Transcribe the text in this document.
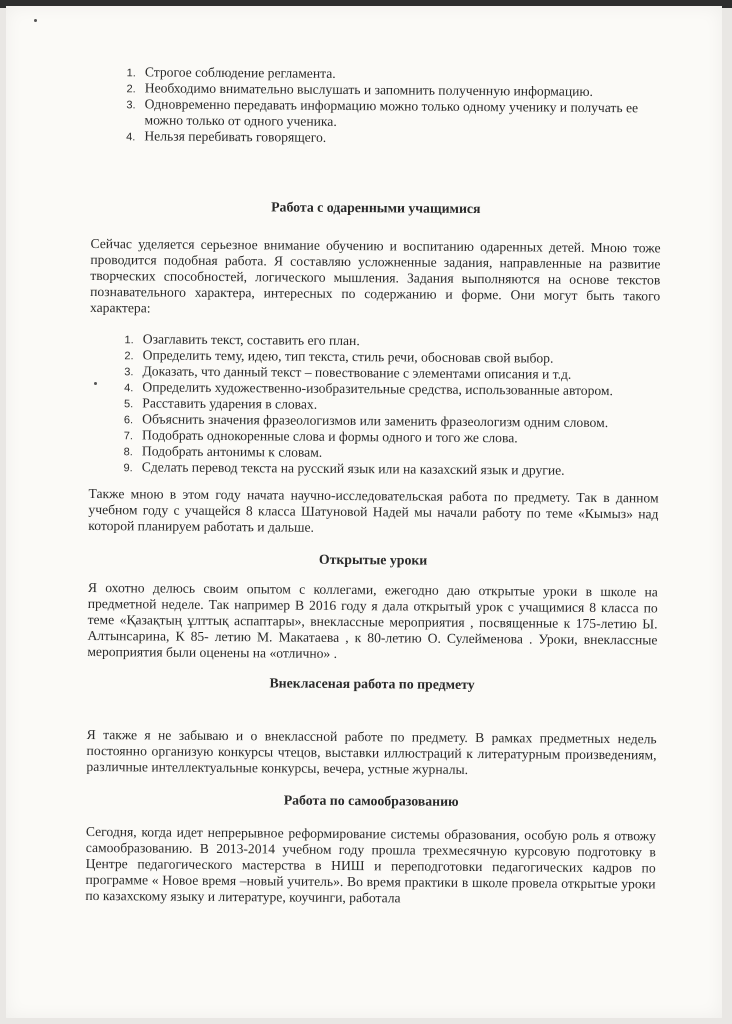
1. Строгое соблюдение регламента.
2. Необходимо внимательно выслушать и запомнить полученную информацию.
3. Одновременно передавать информацию можно только одному ученику и получать ее можно только от одного ученика.
4. Нельзя перебивать говорящего.
Работа с одаренными учащимися

Сейчас уделяется серьезное внимание обучению и воспитанию одаренных детей. Мною тоже проводится подобная работа. Я составляю усложненные задания, направленные на развитие творческих способностей, логического мышления. Задания выполняются на основе текстов познавательного характера, интересных по содержанию и форме. Они могут быть такого характера:

1. Озаглавить текст, составить его план.
2. Определить тему, идею, тип текста, стиль речи, обосновав свой выбор.
3. Доказать, что данный текст – повествование с элементами описания и т.д.
4. Определить художественно-изобразительные средства, использованные автором.
5. Расставить ударения в словах.
6. Объяснить значения фразеологизмов или заменить фразеологизм одним словом.
7. Подобрать однокоренные слова и формы одного и того же слова.
8. Подобрать антонимы к словам.
9. Сделать перевод текста на русский язык или на казахский язык и другие.

Также мною в этом году начата научно-исследовательская работа по предмету. Так в данном учебном году с учащейся 8 класса Шатуновой Надей мы начали работу по теме «Кымыз» над которой планируем работать и дальше.

Открытые уроки

Я охотно делюсь своим опытом с коллегами, ежегодно даю открытые уроки в школе на предметной неделе. Так например В 2016 году я дала открытый урок с учащимися 8 класса по теме «Қазақтың ұлттық аспаптары», внеклассные мероприятия , посвященные к 175-летию Ы. Алтынсарина, К 85- летию М. Макатаева , к 80-летию О. Сулейменова . Уроки, внеклассные мероприятия были оценены на «отлично» .

Внекласеная работа по предмету

Я также я не забываю и о внеклассной работе по предмету. В рамках предметных недель постоянно организую конкурсы чтецов, выставки иллюстраций к литературным произведениям, различные интеллектуальные конкурсы, вечера, устные журналы.

Работа по самообразованию

Сегодня, когда идет непрерывное реформирование системы образования, особую роль я отвожу самообразованию. В 2013-2014 учебном году прошла трехмесячную курсовую подготовку в Центре педагогического мастерства в НИШ и переподготовки педагогических кадров по программе « Новое время –новый учитель». Во время практики в школе провела открытые уроки по казахскому языку и литературе, коучинги, работала
